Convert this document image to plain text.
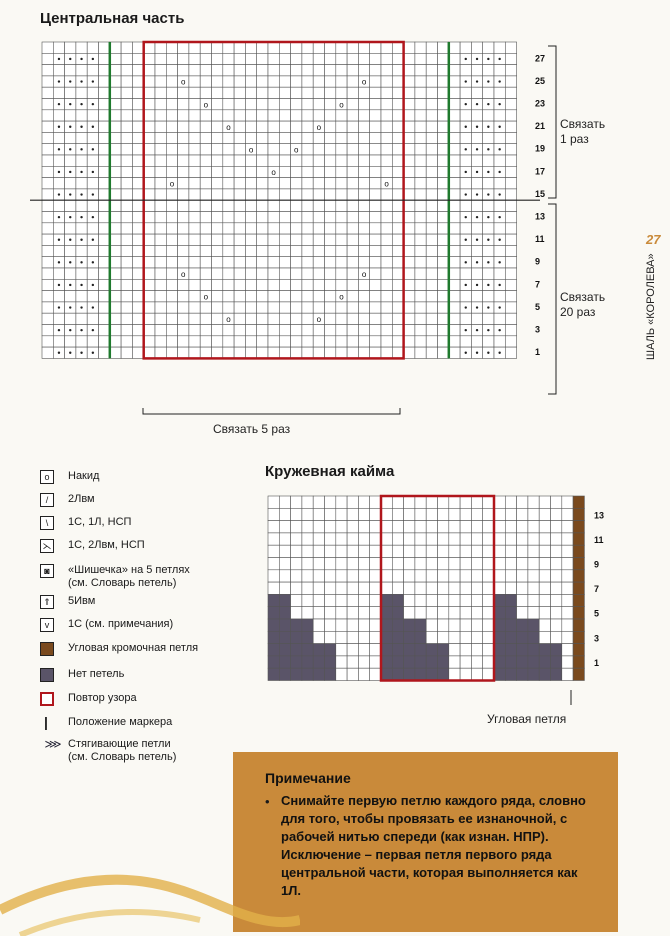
Центральная часть
Кружевная кайма
o
o
o
o
o
o
o
o
o
o
o
o
o
o
o
o	o
27
25
23
21
19
17
15
13
11
9
7
5
3
1
13
11
9
7
5
3
1
Связать
1 раз
Связать
20 раз
Связать 5 раз
Угловая петля
o	Накид
/	2Лвм
\	1С, 1Л, НСП
⋋ 1С, 2Лвм, НСП
◙	«Шишечка» на 5 петлях
(см. Словарь петель)
⇑ 5Ивм
v	1С (см. примечания)
Угловая кромочная петля
Нет петель
Повтор узора
|	Положение маркера
⋙ Стягивающие петли
(см. Словарь петель)
Примечание
• Снимайте первую петлю каждого ряда, словно для того, чтобы провязать ее изнаночной, с рабочей нитью спереди (как изнан. НПР). Исключение – первая петля первого ряда центральной части, которая выполняется как 1Л.
27
ШАЛЬ «КОРОЛЕВА»
